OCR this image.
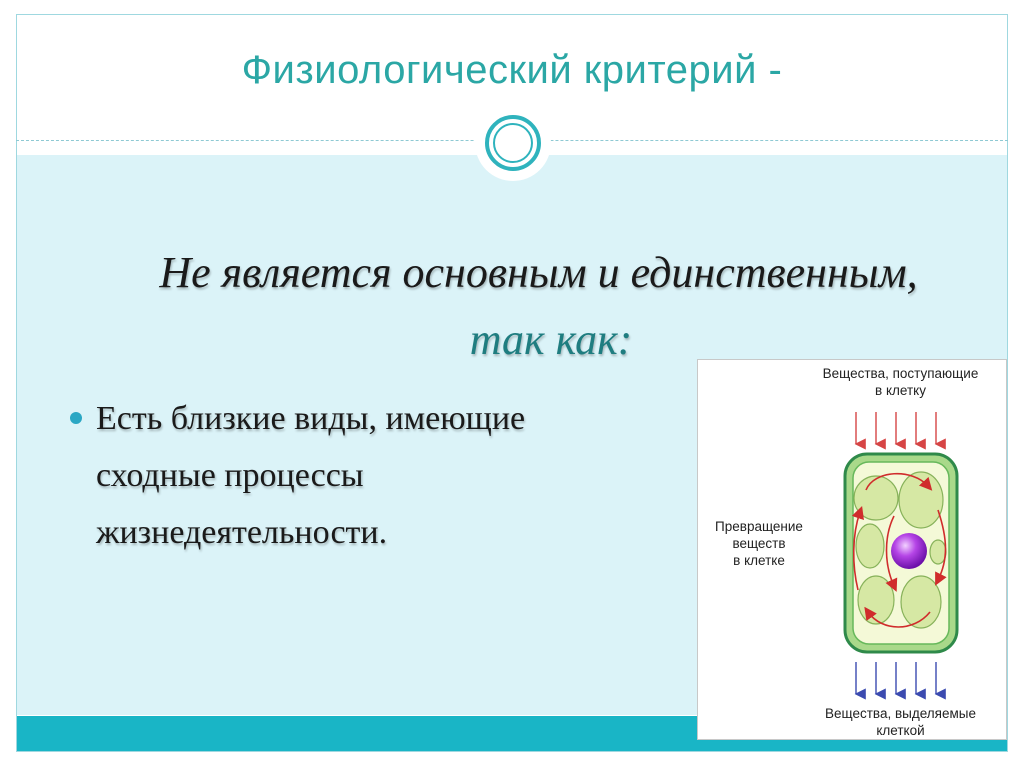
Физиологический критерий -
Не является основным и единственным,
так как:
Есть близкие виды, имеющие
сходные процессы
жизнедеятельности.
Вещества, поступающие
в клетку
Превращение
веществ
в клетке
Вещества, выделяемые
клеткой
